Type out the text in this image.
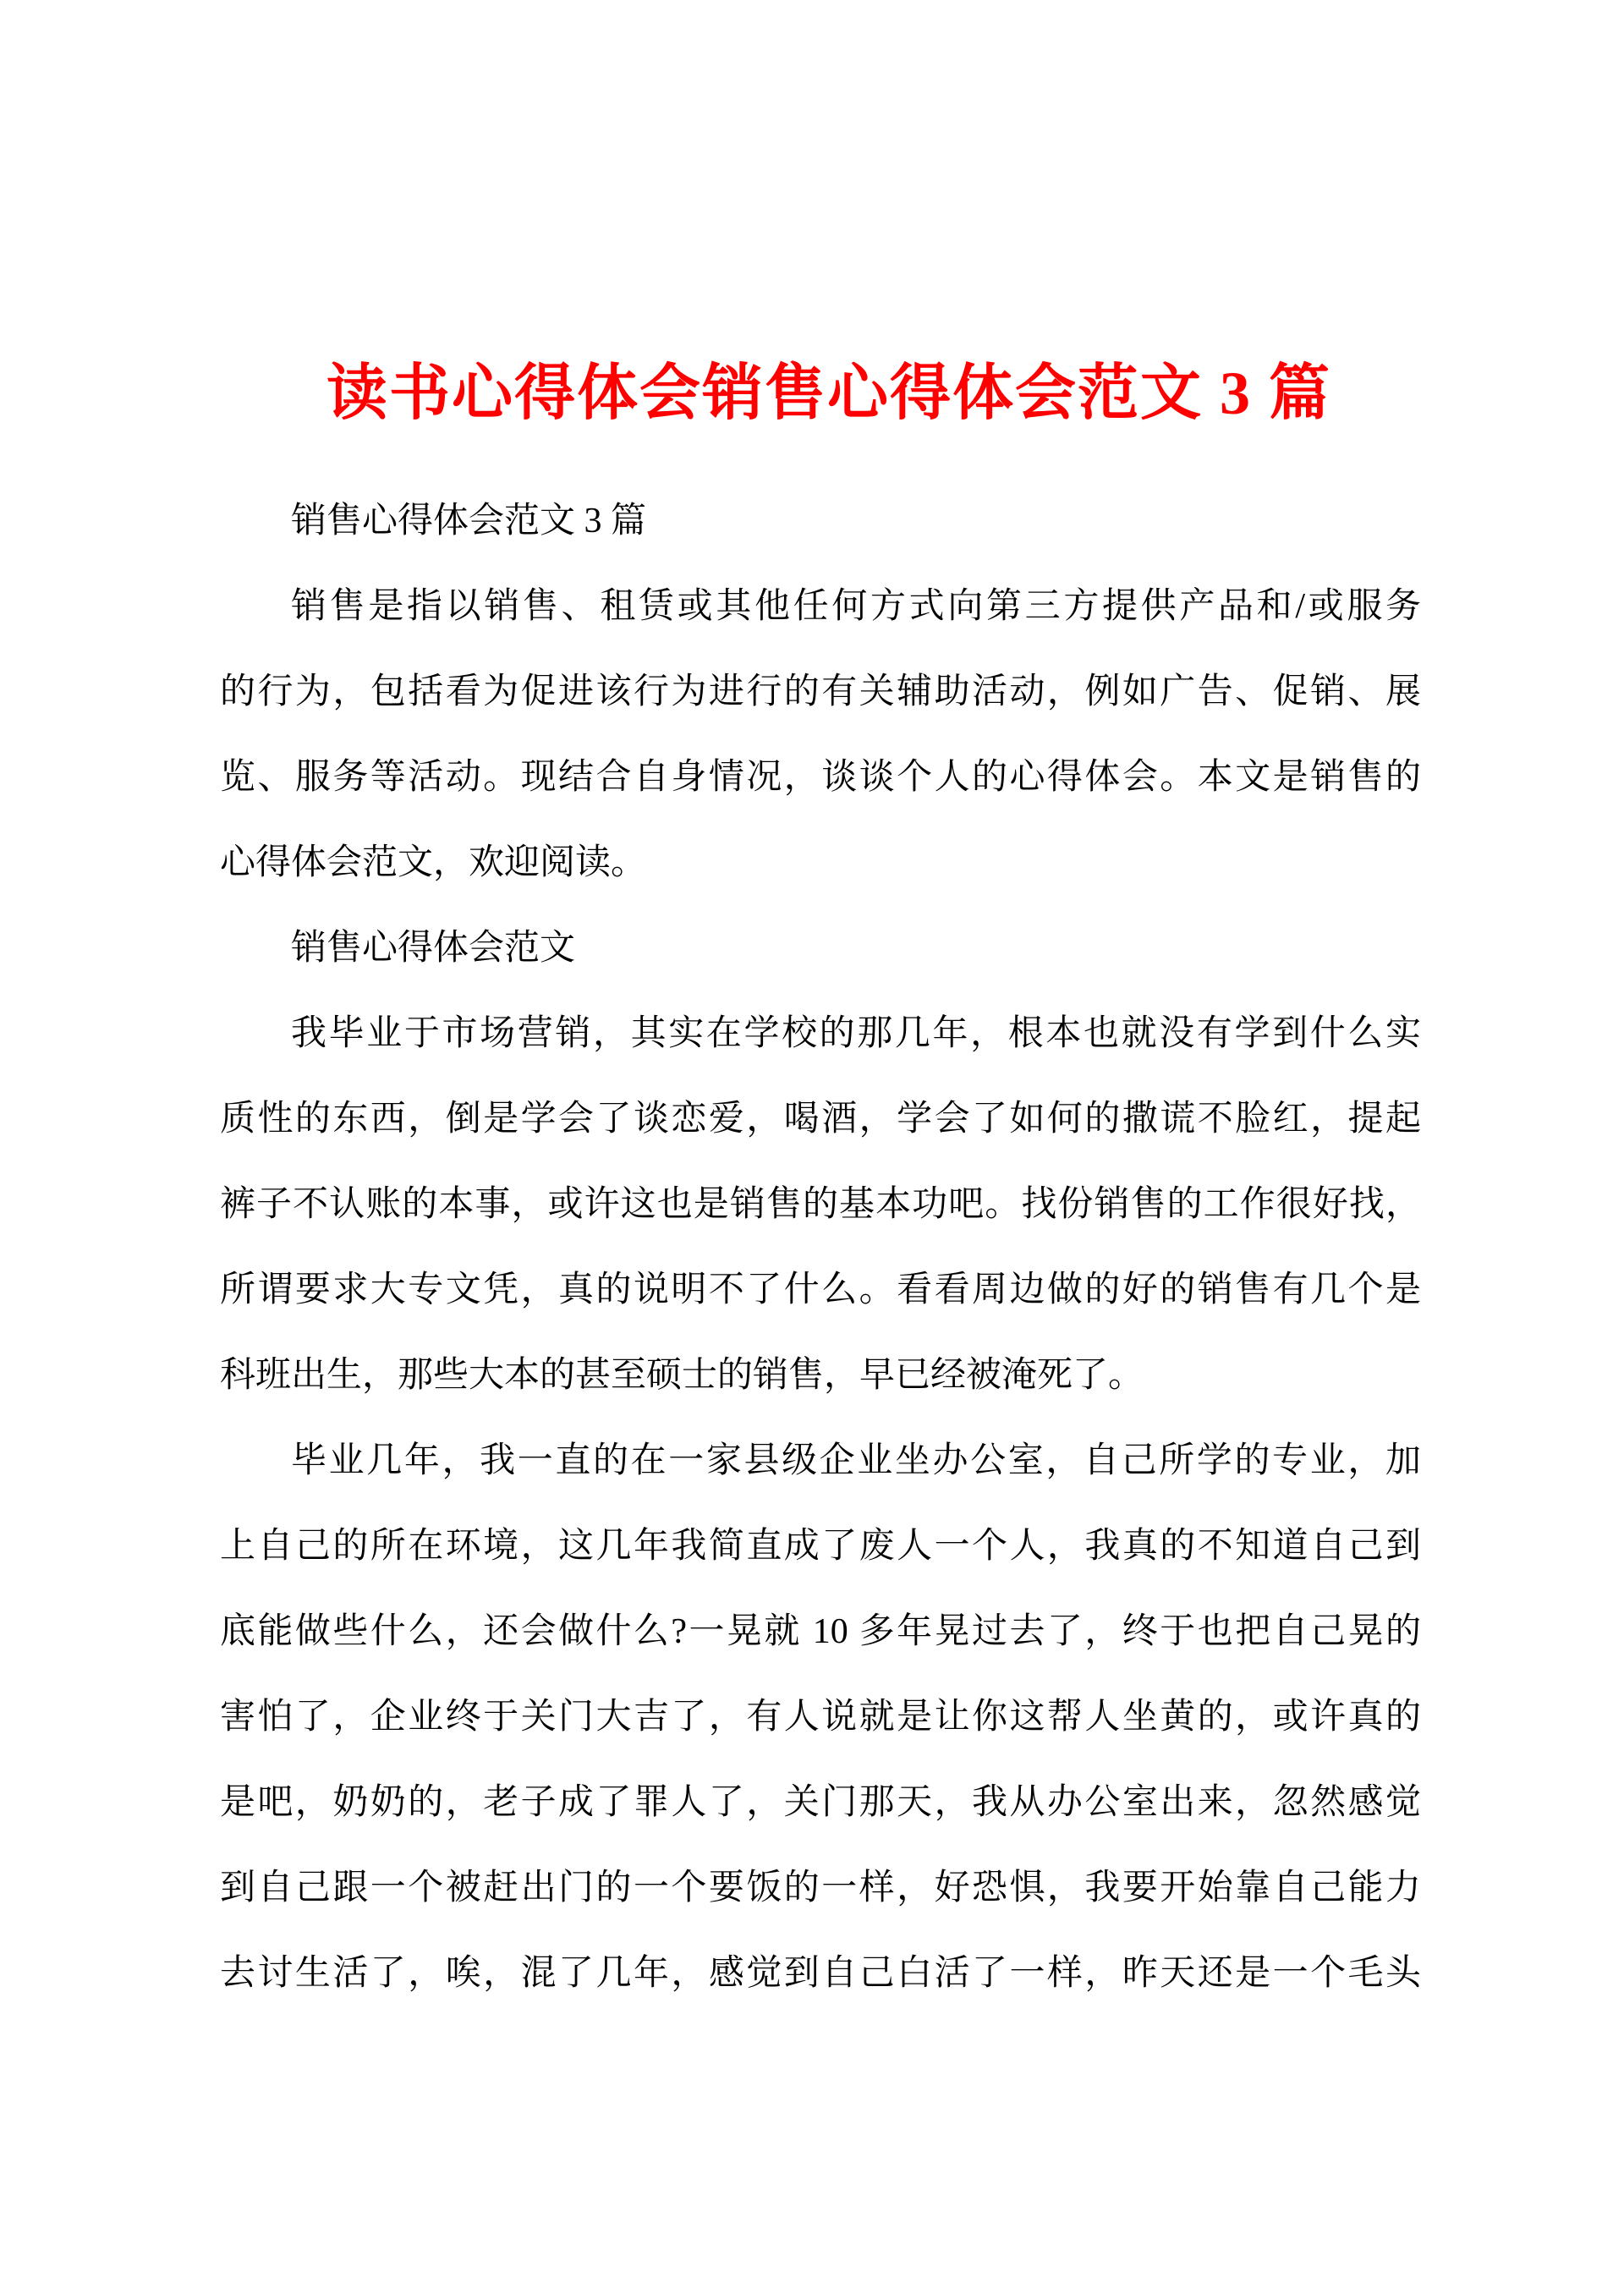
读书心得体会销售心得体会范文 3 篇
销售心得体会范文 3 篇
销售是指以销售、租赁或其他任何方式向第三方提供产品和/或服务
的行为，包括看为促进该行为进行的有关辅助活动，例如广告、促销、展
览、服务等活动。现结合自身情况，谈谈个人的心得体会。本文是销售的
心得体会范文，欢迎阅读。
销售心得体会范文
我毕业于市场营销，其实在学校的那几年，根本也就没有学到什么实
质性的东西，倒是学会了谈恋爱，喝酒，学会了如何的撒谎不脸红，提起
裤子不认账的本事，或许这也是销售的基本功吧。找份销售的工作很好找，
所谓要求大专文凭，真的说明不了什么。看看周边做的好的销售有几个是
科班出生，那些大本的甚至硕士的销售，早已经被淹死了。
毕业几年，我一直的在一家县级企业坐办公室，自己所学的专业，加
上自己的所在环境，这几年我简直成了废人一个人，我真的不知道自己到
底能做些什么，还会做什么?一晃就 10 多年晃过去了，终于也把自己晃的
害怕了，企业终于关门大吉了，有人说就是让你这帮人坐黄的，或许真的
是吧，奶奶的，老子成了罪人了，关门那天，我从办公室出来，忽然感觉
到自己跟一个被赶出门的一个要饭的一样，好恐惧，我要开始靠自己能力
去讨生活了，唉，混了几年，感觉到自己白活了一样，昨天还是一个毛头
